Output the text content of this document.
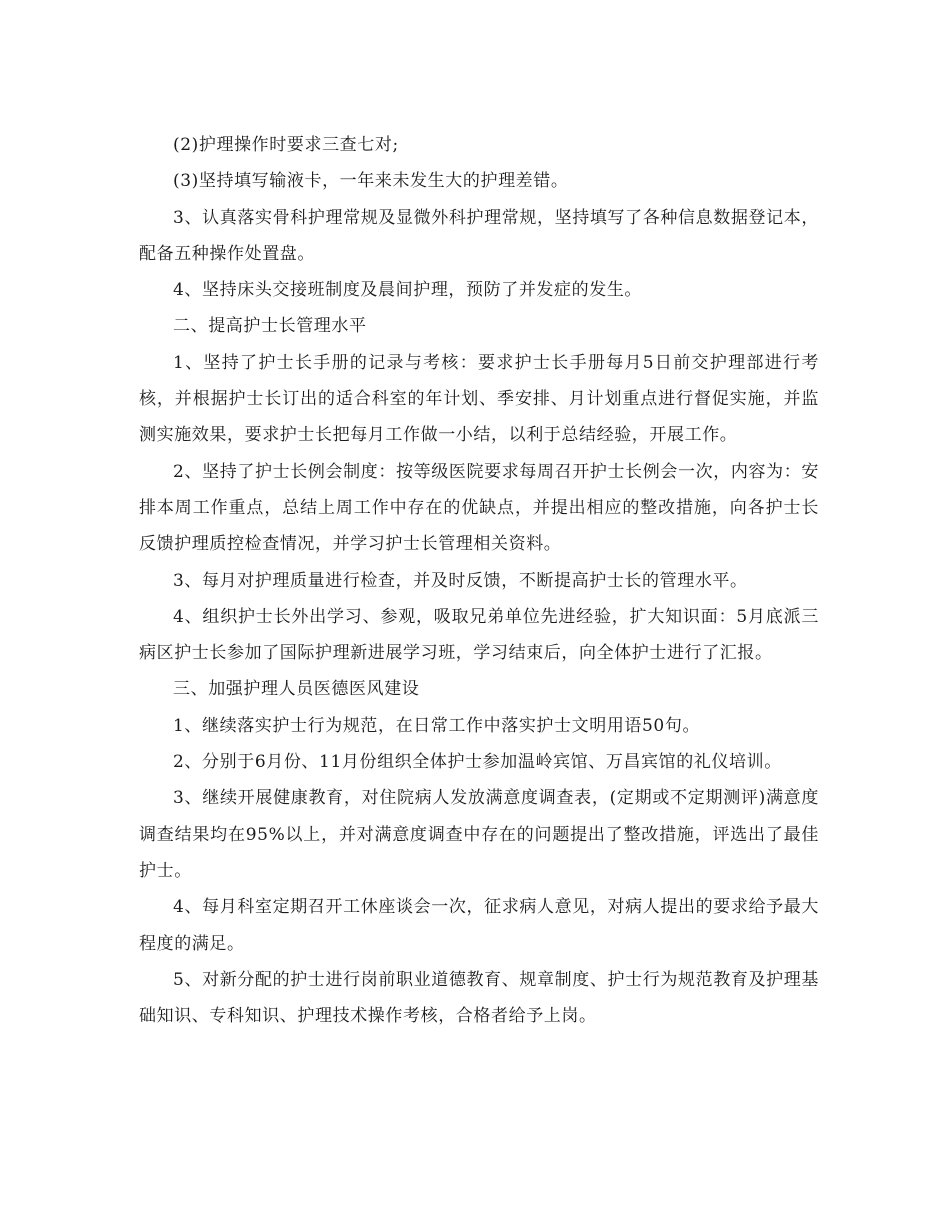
(2)护理操作时要求三查七对;

(3)坚持填写输液卡，一年来未发生大的护理差错。

3、认真落实骨科护理常规及显微外科护理常规，坚持填写了各种信息数据登记本，配备五种操作处置盘。

4、坚持床头交接班制度及晨间护理，预防了并发症的发生。

二、提高护士长管理水平

1、坚持了护士长手册的记录与考核：要求护士长手册每月5日前交护理部进行考核，并根据护士长订出的适合科室的年计划、季安排、月计划重点进行督促实施，并监测实施效果，要求护士长把每月工作做一小结，以利于总结经验，开展工作。

2、坚持了护士长例会制度：按等级医院要求每周召开护士长例会一次，内容为：安排本周工作重点，总结上周工作中存在的优缺点，并提出相应的整改措施，向各护士长反馈护理质控检查情况，并学习护士长管理相关资料。

3、每月对护理质量进行检查，并及时反馈，不断提高护士长的管理水平。

4、组织护士长外出学习、参观，吸取兄弟单位先进经验，扩大知识面：5月底派三病区护士长参加了国际护理新进展学习班，学习结束后，向全体护士进行了汇报。

三、加强护理人员医德医风建设

1、继续落实护士行为规范，在日常工作中落实护士文明用语50句。

2、分别于6月份、11月份组织全体护士参加温岭宾馆、万昌宾馆的礼仪培训。

3、继续开展健康教育，对住院病人发放满意度调查表，(定期或不定期测评)满意度调查结果均在95%以上，并对满意度调查中存在的问题提出了整改措施，评选出了最佳护士。

4、每月科室定期召开工休座谈会一次，征求病人意见，对病人提出的要求给予最大程度的满足。

5、对新分配的护士进行岗前职业道德教育、规章制度、护士行为规范教育及护理基础知识、专科知识、护理技术操作考核，合格者给予上岗。
